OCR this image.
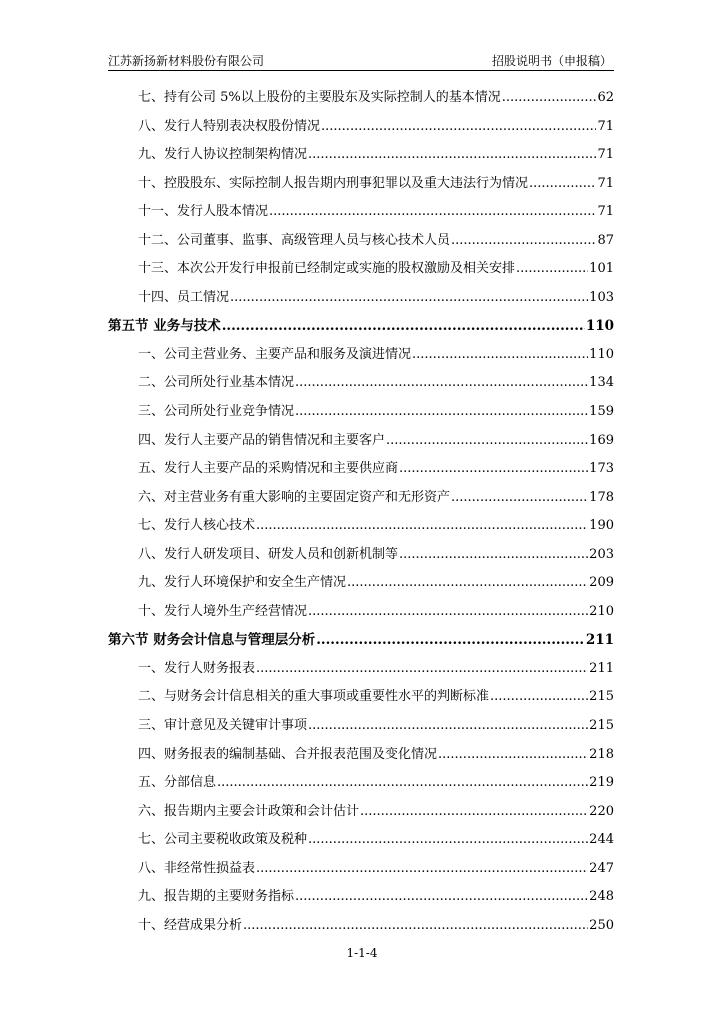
江苏新扬新材料股份有限公司	招股说明书（申报稿）
七、持有公司 5%以上股份的主要股东及实际控制人的基本情况 .....	62
八、发行人特别表决权股份情况 .....	71
九、发行人协议控制架构情况 .....	71
十、控股股东、实际控制人报告期内刑事犯罪以及重大违法行为情况 .....	71
十一、发行人股本情况 .....	71
十二、公司董事、监事、高级管理人员与核心技术人员 .....	87
十三、本次公开发行申报前已经制定或实施的股权激励及相关安排 .....	101
十四、员工情况 .....	103
第五节 业务与技术 .....	110
一、公司主营业务、主要产品和服务及演进情况 .....	110
二、公司所处行业基本情况 .....	134
三、公司所处行业竞争情况 .....	159
四、发行人主要产品的销售情况和主要客户 .....	169
五、发行人主要产品的采购情况和主要供应商 .....	173
六、对主营业务有重大影响的主要固定资产和无形资产 .....	178
七、发行人核心技术 .....	190
八、发行人研发项目、研发人员和创新机制等 .....	203
九、发行人环境保护和安全生产情况 .....	209
十、发行人境外生产经营情况 .....	210
第六节 财务会计信息与管理层分析 .....	211
一、发行人财务报表 .....	211
二、与财务会计信息相关的重大事项或重要性水平的判断标准 .....	215
三、审计意见及关键审计事项 .....	215
四、财务报表的编制基础、合并报表范围及变化情况 .....	218
五、分部信息 .....	219
六、报告期内主要会计政策和会计估计 .....	220
七、公司主要税收政策及税种 .....	244
八、非经常性损益表 .....	247
九、报告期的主要财务指标 .....	248
十、经营成果分析 .....	250
1-1-4
